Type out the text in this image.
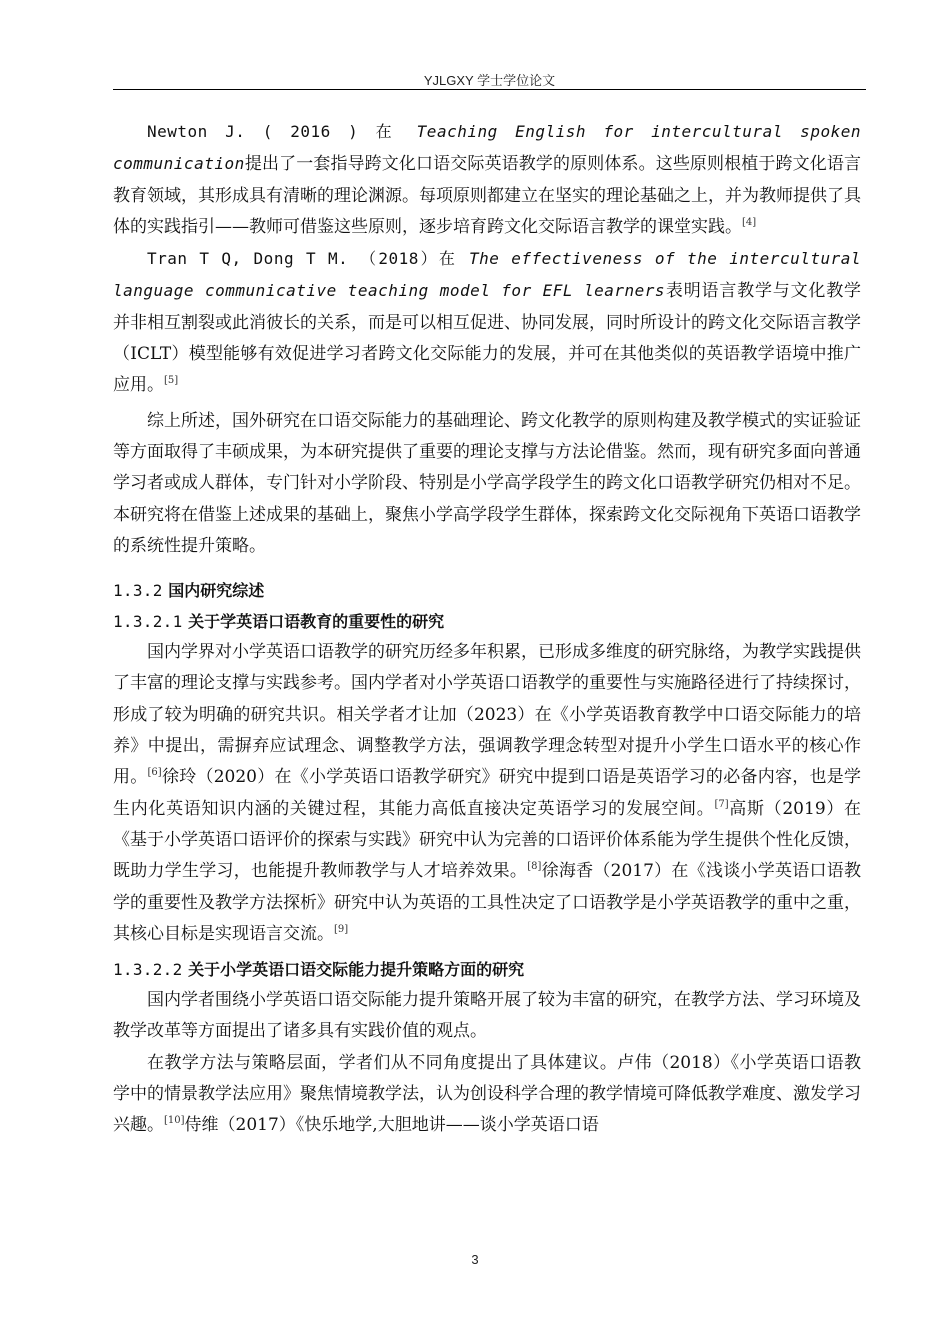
YJLGXY 学士学位论文

Newton J. ( 2016 ) 在 Teaching English for intercultural spoken communication提出了一套指导跨文化口语交际英语教学的原则体系。这些原则根植于跨文化语言教育领域，其形成具有清晰的理论渊源。每项原则都建立在坚实的理论基础之上，并为教师提供了具体的实践指引——教师可借鉴这些原则，逐步培育跨文化交际语言教学的课堂实践。[4]

Tran T Q, Dong T M. （2018）在 The effectiveness of the intercultural language communicative teaching model for EFL learners表明语言教学与文化教学并非相互割裂或此消彼长的关系，而是可以相互促进、协同发展，同时所设计的跨文化交际语言教学（ICLT）模型能够有效促进学习者跨文化交际能力的发展，并可在其他类似的英语教学语境中推广应用。[5]

综上所述，国外研究在口语交际能力的基础理论、跨文化教学的原则构建及教学模式的实证验证等方面取得了丰硕成果，为本研究提供了重要的理论支撑与方法论借鉴。然而，现有研究多面向普通学习者或成人群体，专门针对小学阶段、特别是小学高学段学生的跨文化口语教学研究仍相对不足。本研究将在借鉴上述成果的基础上，聚焦小学高学段学生群体，探索跨文化交际视角下英语口语教学的系统性提升策略。

1.3.2 国内研究综述
1.3.2.1 关于学英语口语教育的重要性的研究

国内学界对小学英语口语教学的研究历经多年积累，已形成多维度的研究脉络，为教学实践提供了丰富的理论支撑与实践参考。国内学者对小学英语口语教学的重要性与实施路径进行了持续探讨，形成了较为明确的研究共识。相关学者才让加（2023）在《小学英语教育教学中口语交际能力的培养》中提出，需摒弃应试理念、调整教学方法，强调教学理念转型对提升小学生口语水平的核心作用。[6]徐玲（2020）在《小学英语口语教学研究》研究中提到口语是英语学习的必备内容，也是学生内化英语知识内涵的关键过程，其能力高低直接决定英语学习的发展空间。[7]高斯（2019）在《基于小学英语口语评价的探索与实践》研究中认为完善的口语评价体系能为学生提供个性化反馈，既助力学生学习，也能提升教师教学与人才培养效果。[8]徐海香（2017）在《浅谈小学英语口语教学的重要性及教学方法探析》研究中认为英语的工具性决定了口语教学是小学英语教学的重中之重，其核心目标是实现语言交流。[9]

1.3.2.2 关于小学英语口语交际能力提升策略方面的研究

国内学者围绕小学英语口语交际能力提升策略开展了较为丰富的研究，在教学方法、学习环境及教学改革等方面提出了诸多具有实践价值的观点。

在教学方法与策略层面，学者们从不同角度提出了具体建议。卢伟（2018）《小学英语口语教学中的情景教学法应用》聚焦情境教学法，认为创设科学合理的教学情境可降低教学难度、激发学习兴趣。[10]侍维（2017）《快乐地学,大胆地讲——谈小学英语口语

3
